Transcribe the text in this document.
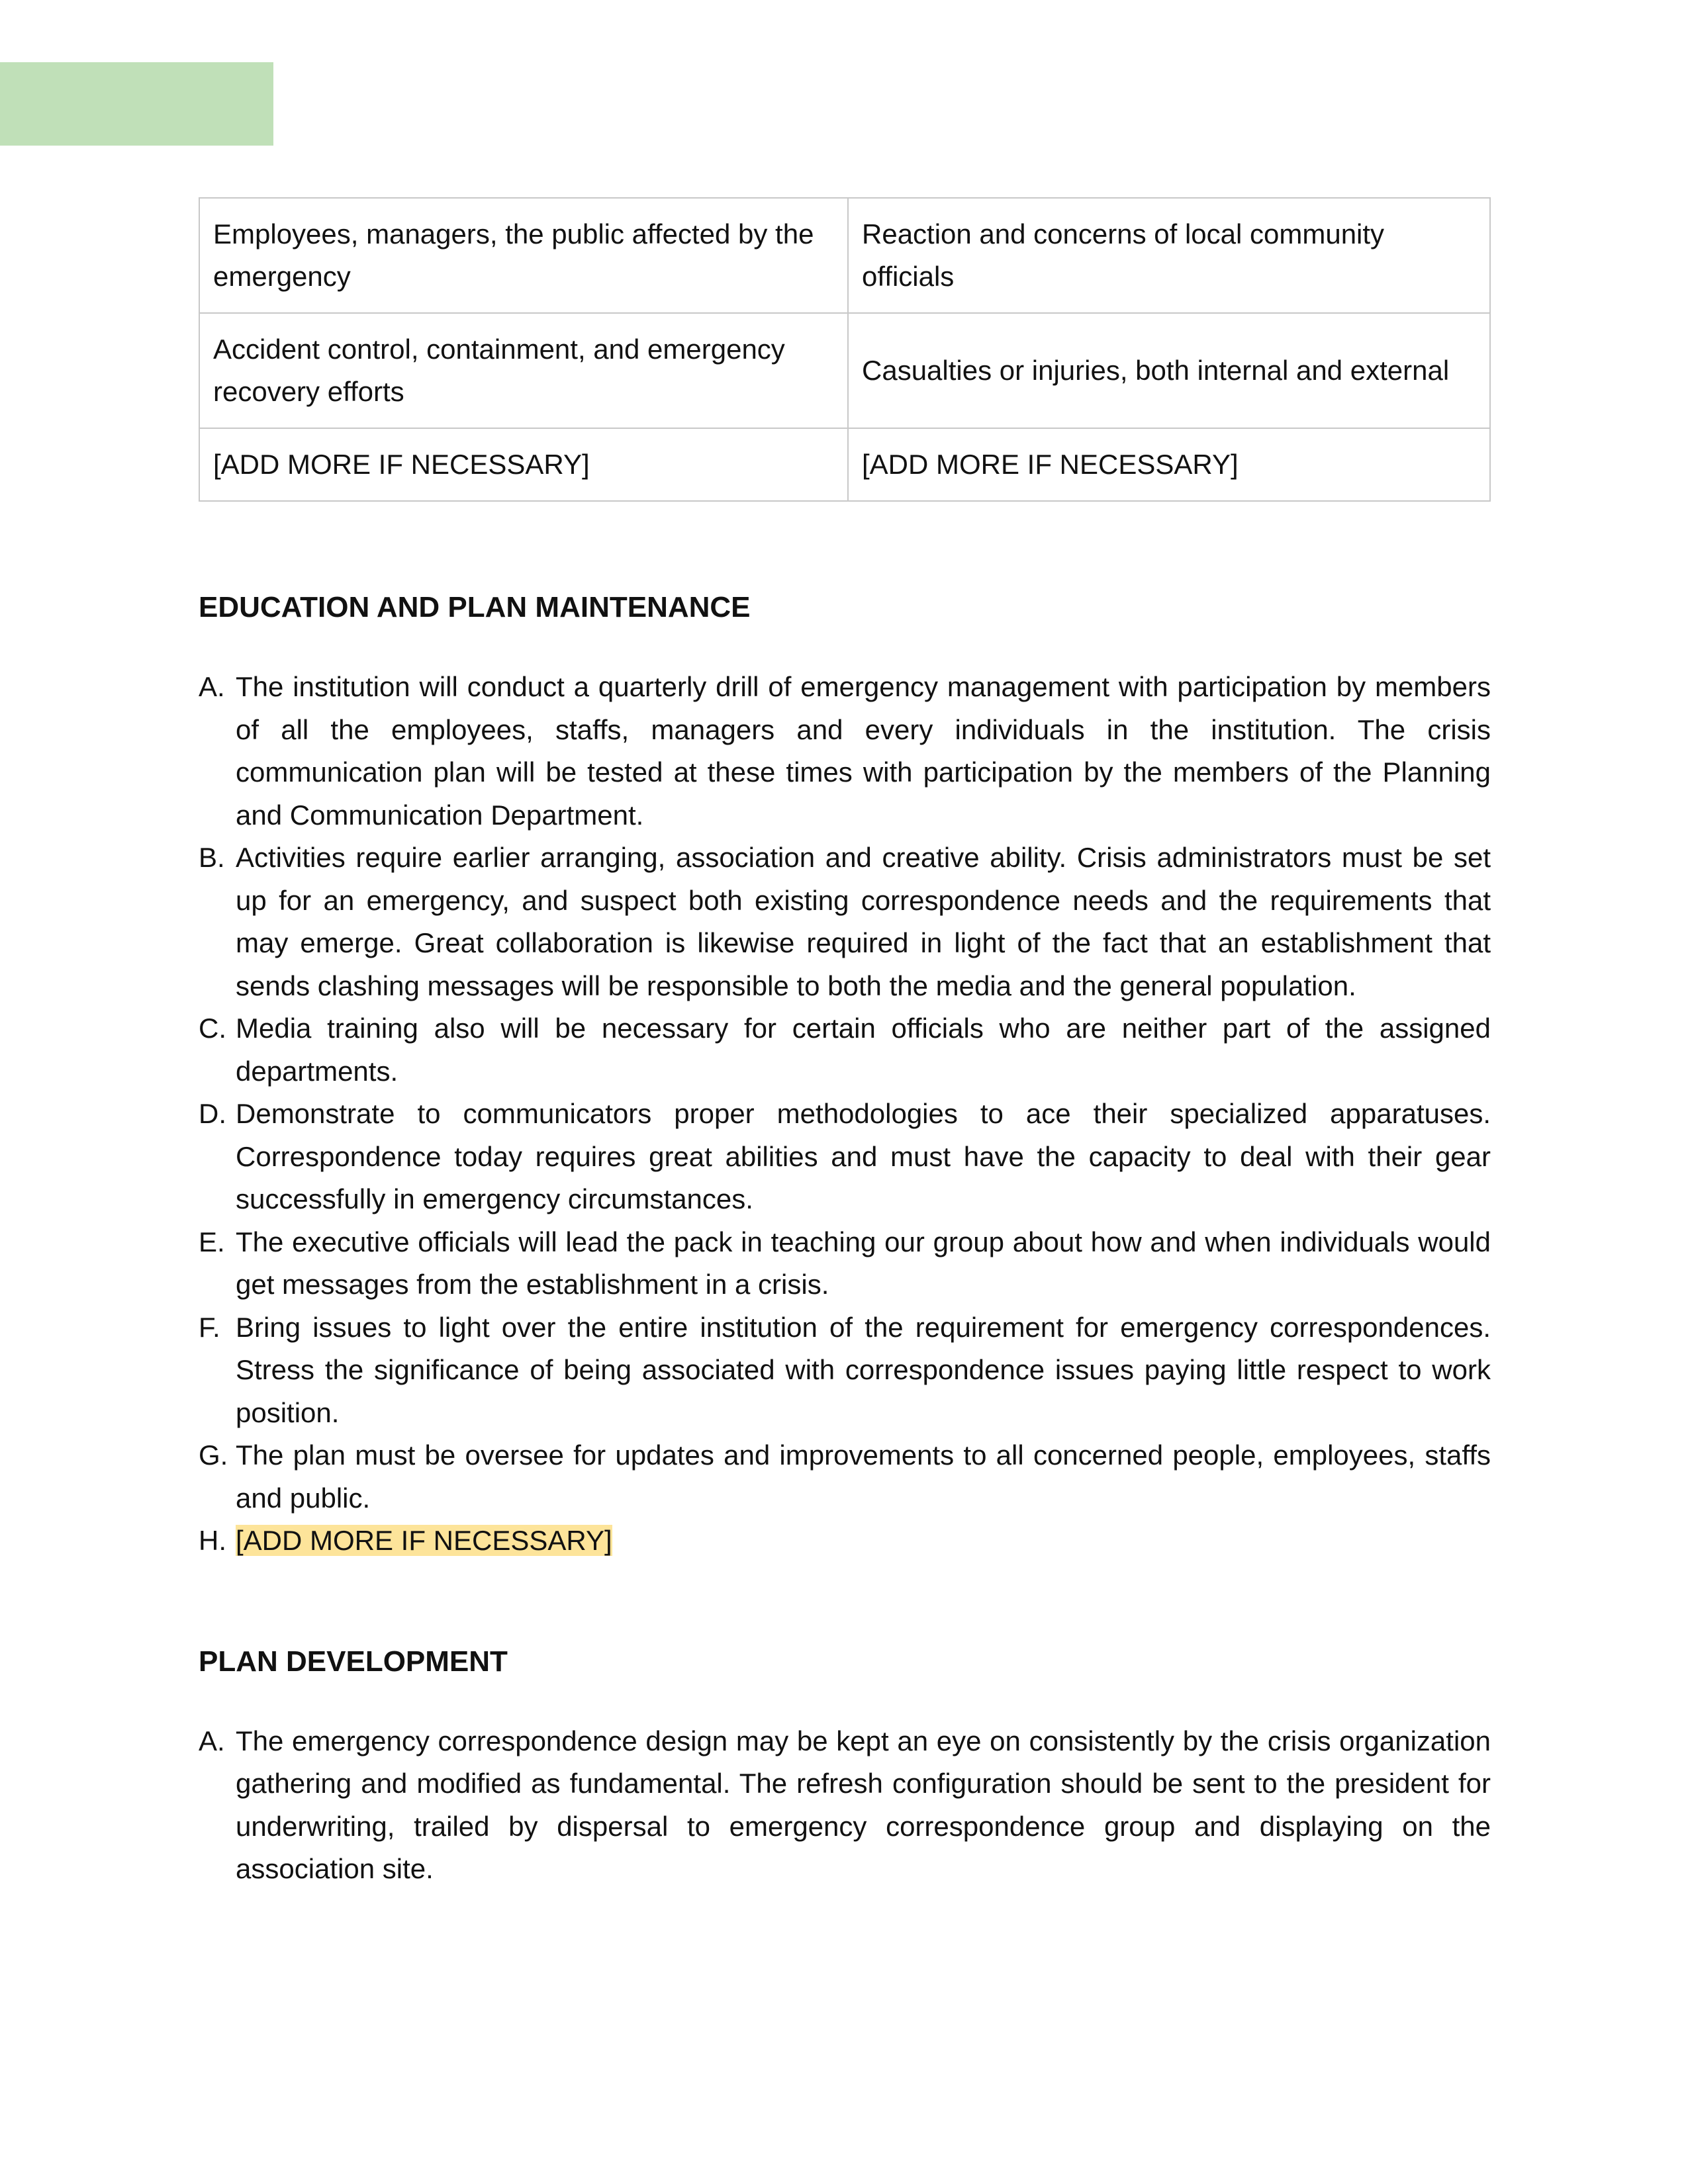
Employees, managers, the public affected by the emergency	Reaction and concerns of local community officials
Accident control, containment, and emergency recovery efforts	Casualties or injuries, both internal and external
[ADD MORE IF NECESSARY]	[ADD MORE IF NECESSARY]
EDUCATION AND PLAN MAINTENANCE
A. The institution will conduct a quarterly drill of emergency management with participation by members of all the employees, staffs, managers and every individuals in the institution. The crisis communication plan will be tested at these times with participation by the members of the Planning and Communication Department.
B. Activities require earlier arranging, association and creative ability. Crisis administrators must be set up for an emergency, and suspect both existing correspondence needs and the requirements that may emerge. Great collaboration is likewise required in light of the fact that an establishment that sends clashing messages will be responsible to both the media and the general population.
C. Media training also will be necessary for certain officials who are neither part of the assigned departments.
D. Demonstrate to communicators proper methodologies to ace their specialized apparatuses. Correspondence today requires great abilities and must have the capacity to deal with their gear successfully in emergency circumstances.
E. The executive officials will lead the pack in teaching our group about how and when individuals would get messages from the establishment in a crisis.
F. Bring issues to light over the entire institution of the requirement for emergency correspondences. Stress the significance of being associated with correspondence issues paying little respect to work position.
G. The plan must be oversee for updates and improvements to all concerned people, employees, staffs and public.
H. [ADD MORE IF NECESSARY]
PLAN DEVELOPMENT
A. The emergency correspondence design may be kept an eye on consistently by the crisis organization gathering and modified as fundamental. The refresh configuration should be sent to the president for underwriting, trailed by dispersal to emergency correspondence group and displaying on the association site.
